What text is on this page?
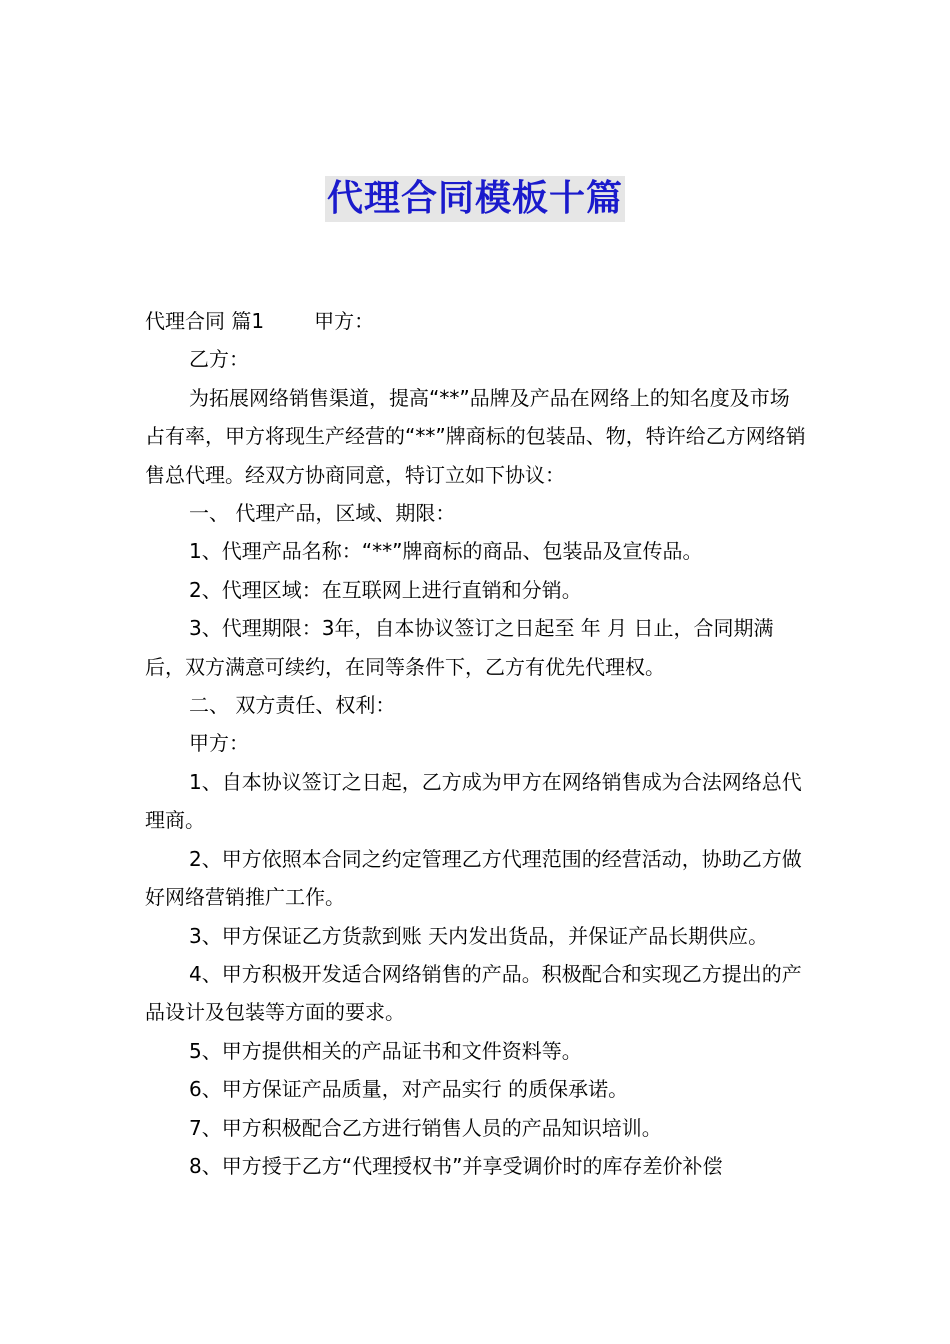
代理合同模板十篇

代理合同 篇1	甲方：

乙方：

为拓展网络销售渠道，提高“**”品牌及产品在网络上的知名度及市场占有率，甲方将现生产经营的“**”牌商标的包装品、物，特许给乙方网络销售总代理。经双方协商同意，特订立如下协议：

一、 代理产品，区域、期限：

1、代理产品名称：“**”牌商标的商品、包装品及宣传品。

2、代理区域：在互联网上进行直销和分销。

3、代理期限：3年，自本协议签订之日起至 年 月 日止，合同期满后，双方满意可续约，在同等条件下，乙方有优先代理权。

二、 双方责任、权利：

甲方：

1、自本协议签订之日起，乙方成为甲方在网络销售成为合法网络总代理商。

2、甲方依照本合同之约定管理乙方代理范围的经营活动，协助乙方做好网络营销推广工作。

3、甲方保证乙方货款到账 天内发出货品，并保证产品长期供应。

4、甲方积极开发适合网络销售的产品。积极配合和实现乙方提出的产品设计及包装等方面的要求。

5、甲方提供相关的产品证书和文件资料等。

6、甲方保证产品质量，对产品实行 的质保承诺。

7、甲方积极配合乙方进行销售人员的产品知识培训。

8、甲方授于乙方“代理授权书”并享受调价时的库存差价补偿
